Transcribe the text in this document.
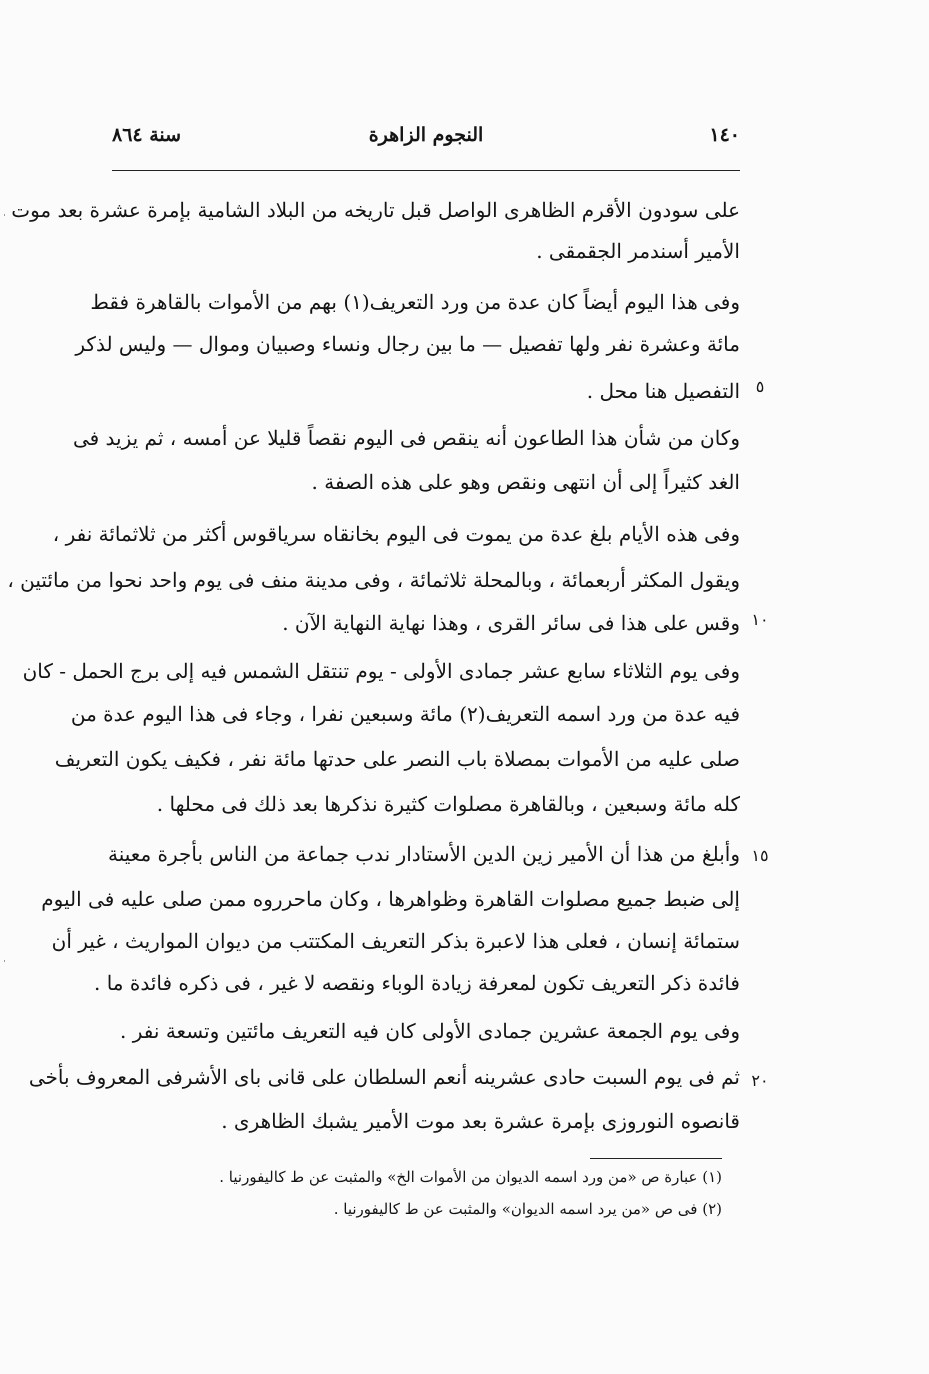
١٤٠
النجوم الزاهرة
سنة ٨٦٤
على سودون الأقرم الظاهرى الواصل قبل تاريخه من البلاد الشامية بإمرة عشرة بعد موت
الأمير أسندمر الجقمقى .
وفى هذا اليوم أيضاً كان عدة من ورد التعريف(١) بهم من الأموات بالقاهرة فقط
مائة وعشرة نفر ولها تفصيل — ما بين رجال ونساء وصبيان وموال — وليس لذكر
التفصيل هنا محل .
وكان من شأن هذا الطاعون أنه ينقص فى اليوم نقصاً قليلا عن أمسه ، ثم يزيد فى
الغد كثيراً إلى أن انتهى ونقص وهو على هذه الصفة .
وفى هذه الأيام بلغ عدة من يموت فى اليوم بخانقاه سرياقوس أكثر من ثلاثمائة نفر ،
ويقول المكثر أربعمائة ، وبالمحلة ثلاثمائة ، وفى مدينة منف فى يوم واحد نحوا من مائتين ،
وقس على هذا فى سائر القرى ، وهذا نهاية النهاية الآن .
وفى يوم الثلاثاء سابع عشر جمادى الأولى - يوم تنتقل الشمس فيه إلى برج الحمل - كان
فيه عدة من ورد اسمه التعريف(٢) مائة وسبعين نفرا ، وجاء فى هذا اليوم عدة من
صلى عليه من الأموات بمصلاة باب النصر على حدتها مائة نفر ، فكيف يكون التعريف
كله مائة وسبعين ، وبالقاهرة مصلوات كثيرة نذكرها بعد ذلك فى محلها .
وأبلغ من هذا أن الأمير زين الدين الأستادار ندب جماعة من الناس بأجرة معينة
إلى ضبط جميع مصلوات القاهرة وظواهرها ، وكان ماحرروه ممن صلى عليه فى اليوم
ستمائة إنسان ، فعلى هذا لاعبرة بذكر التعريف المكتتب من ديوان المواريث ، غير أن
فائدة ذكر التعريف تكون لمعرفة زيادة الوباء ونقصه لا غير ، فى ذكره فائدة ما .
وفى يوم الجمعة عشرين جمادى الأولى كان فيه التعريف مائتين وتسعة نفر .
ثم فى يوم السبت حادى عشرينه أنعم السلطان على قانى باى الأشرفى المعروف بأخى
قانصوه النوروزى بإمرة عشرة بعد موت الأمير يشبك الظاهرى .
٥
١٠
١٥
٢٠
(١) عبارة ص «من ورد اسمه الديوان من الأموات الخ» والمثبت عن ط كاليفورنيا .
(٢) فى ص «من يرد اسمه الديوان» والمثبت عن ط كاليفورنيا .
